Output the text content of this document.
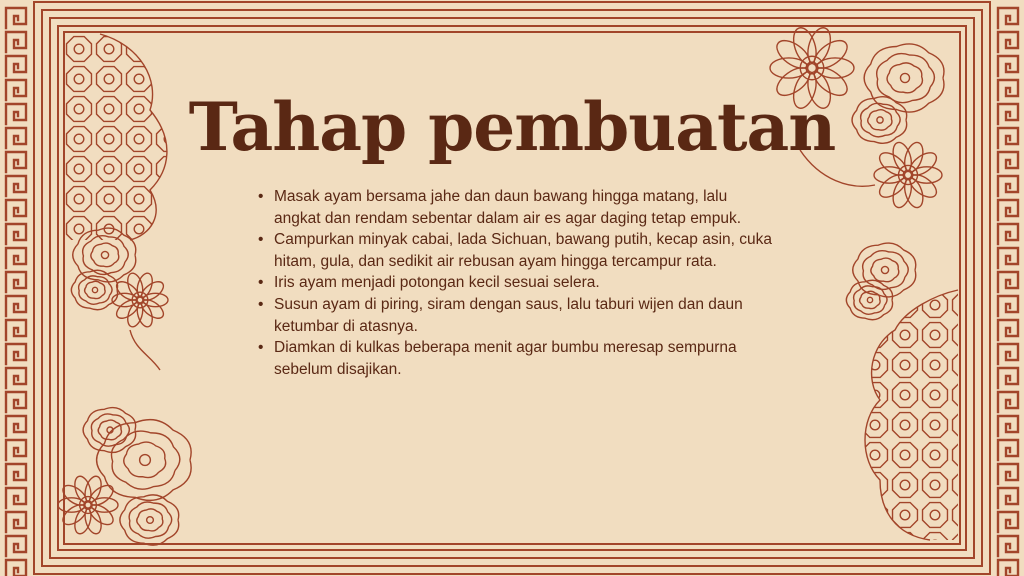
Tahap pembuatan
• Masak ayam bersama jahe dan daun bawang hingga matang, lalu angkat dan rendam sebentar dalam air es agar daging tetap empuk.
• Campurkan minyak cabai, lada Sichuan, bawang putih, kecap asin, cuka hitam, gula, dan sedikit air rebusan ayam hingga tercampur rata.
• Iris ayam menjadi potongan kecil sesuai selera.
• Susun ayam di piring, siram dengan saus, lalu taburi wijen dan daun ketumbar di atasnya.
• Diamkan di kulkas beberapa menit agar bumbu meresap sempurna sebelum disajikan.
